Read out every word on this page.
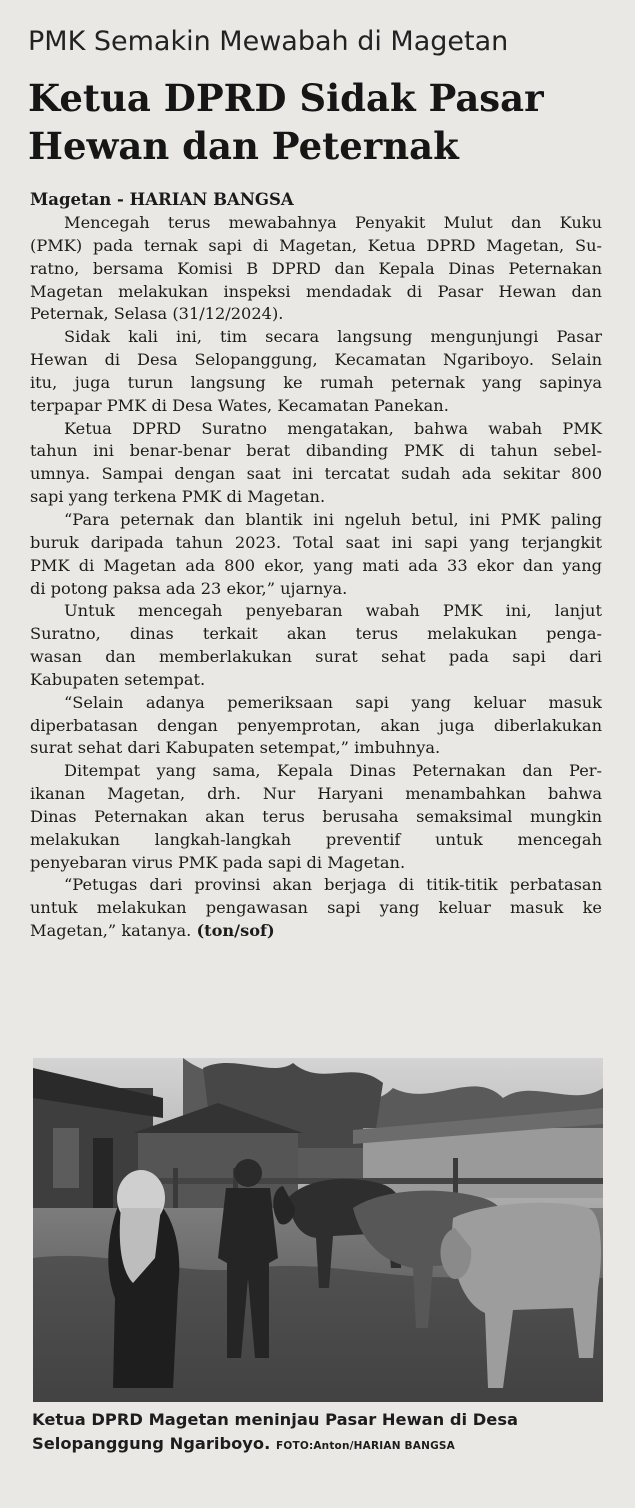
PMK Semakin Mewabah di Magetan
Ketua DPRD Sidak Pasar
Hewan dan Peternak
Magetan - HARIAN BANGSA
Mencegah terus mewabahnya Penyakit Mulut dan Kuku
(PMK) pada ternak sapi di Magetan, Ketua DPRD Magetan, Su-
ratno, bersama Komisi B DPRD dan Kepala Dinas Peternakan
Magetan melakukan inspeksi mendadak di Pasar Hewan dan
Peternak, Selasa (31/12/2024).
Sidak kali ini, tim secara langsung mengunjungi Pasar
Hewan di Desa Selopanggung, Kecamatan Ngariboyo. Selain
itu, juga turun langsung ke rumah peternak yang sapinya
terpapar PMK di Desa Wates, Kecamatan Panekan.
Ketua DPRD Suratno mengatakan, bahwa wabah PMK
tahun ini benar-benar berat dibanding PMK di tahun sebel-
umnya. Sampai dengan saat ini tercatat sudah ada sekitar 800
sapi yang terkena PMK di Magetan.
“Para peternak dan blantik ini ngeluh betul, ini PMK paling
buruk daripada tahun 2023. Total saat ini sapi yang terjangkit
PMK di Magetan ada 800 ekor, yang mati ada 33 ekor dan yang
di potong paksa ada 23 ekor,” ujarnya.
Untuk mencegah penyebaran wabah PMK ini, lanjut
Suratno, dinas terkait akan terus melakukan penga-
wasan dan memberlakukan surat sehat pada sapi dari
Kabupaten setempat.
“Selain adanya pemeriksaan sapi yang keluar masuk
diperbatasan dengan penyemprotan, akan juga diberlakukan
surat sehat dari Kabupaten setempat,” imbuhnya.
Ditempat yang sama, Kepala Dinas Peternakan dan Per-
ikanan Magetan, drh. Nur Haryani menambahkan bahwa
Dinas Peternakan akan terus berusaha semaksimal mungkin
melakukan langkah-langkah preventif untuk mencegah
penyebaran virus PMK pada sapi di Magetan.
“Petugas dari provinsi akan berjaga di titik-titik perbatasan
untuk melakukan pengawasan sapi yang keluar masuk ke
Magetan,” katanya. (ton/sof)
Ketua DPRD Magetan meninjau Pasar Hewan di Desa
Selopanggung Ngariboyo. FOTO:Anton/HARIAN BANGSA
